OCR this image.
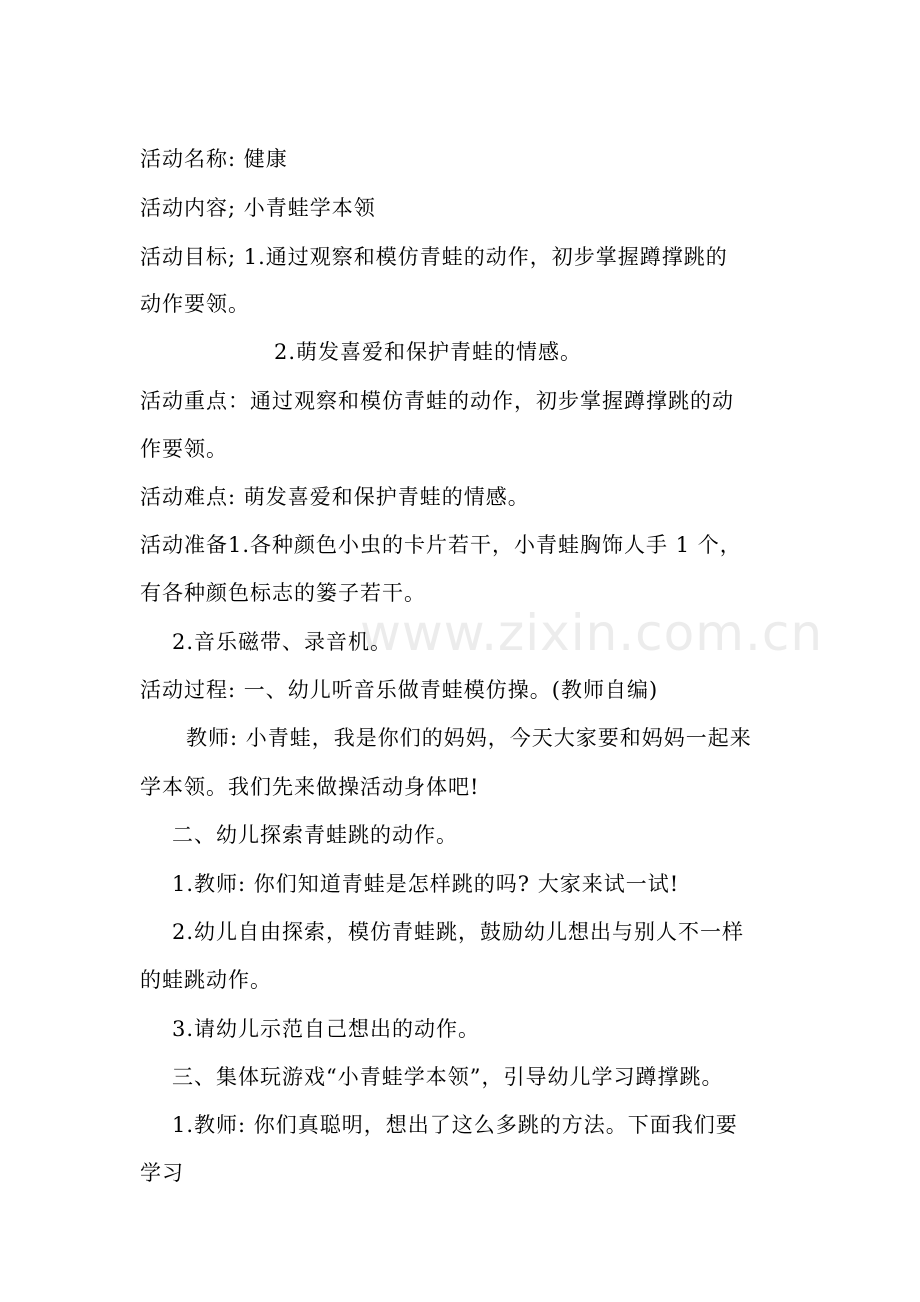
www.zixin.com.cn
活动名称: 健康
活动内容; 小青蛙学本领
活动目标; 1.通过观察和模仿青蛙的动作，初步掌握蹲撑跳的
动作要领。
2.萌发喜爱和保护青蛙的情感。
活动重点：通过观察和模仿青蛙的动作，初步掌握蹲撑跳的动
作要领。
活动难点: 萌发喜爱和保护青蛙的情感。
活动准备1.各种颜色小虫的卡片若干，小青蛙胸饰人手 1 个，
有各种颜色标志的篓子若干。
2.音乐磁带、录音机。
活动过程: 一、幼儿听音乐做青蛙模仿操。(教师自编)
教师: 小青蛙，我是你们的妈妈，今天大家要和妈妈一起来
学本领。我们先来做操活动身体吧!
二、幼儿探索青蛙跳的动作。
1.教师: 你们知道青蛙是怎样跳的吗? 大家来试一试!
2.幼儿自由探索，模仿青蛙跳，鼓励幼儿想出与别人不一样
的蛙跳动作。
3.请幼儿示范自己想出的动作。
三、集体玩游戏“小青蛙学本领”，引导幼儿学习蹲撑跳。
1.教师: 你们真聪明，想出了这么多跳的方法。下面我们要
学习
